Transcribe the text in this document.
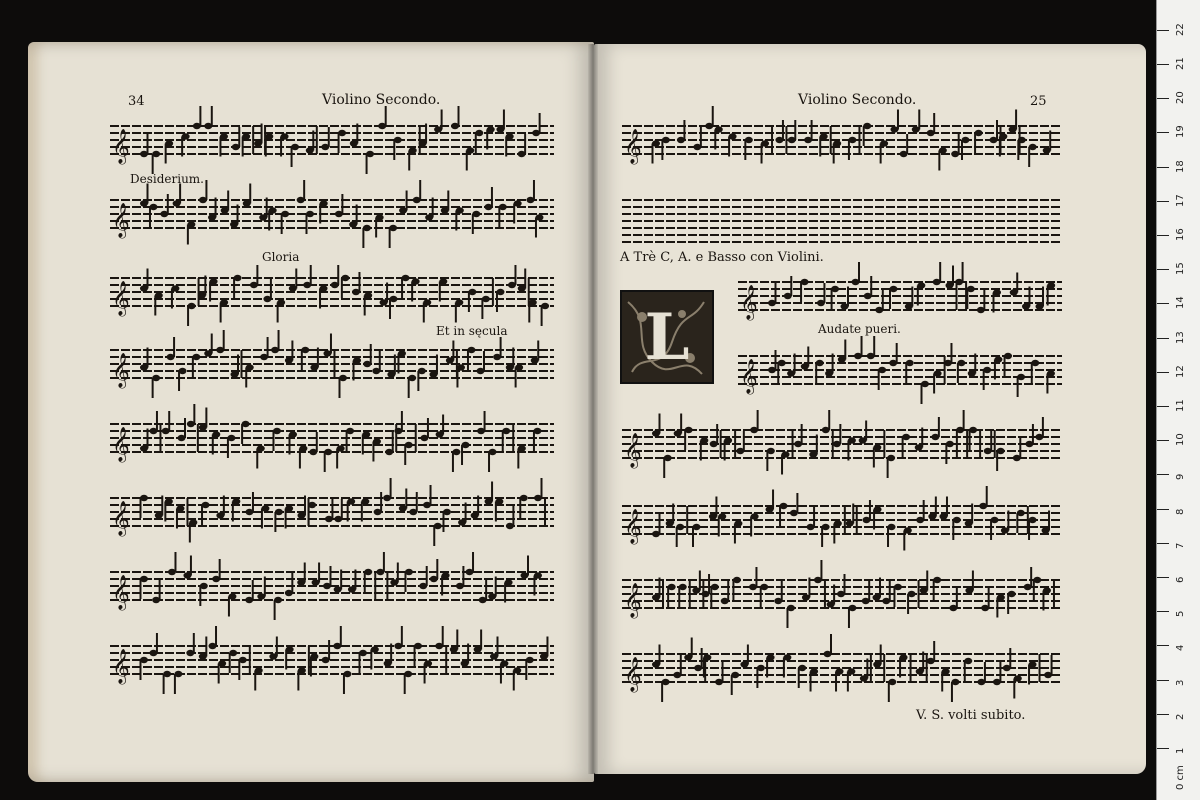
34	Violino Secondo.
Desiderium.
Gloria
Et in sęcula
Violino Secondo.	25
A Trè C, A. e Basso con Violini.
Audate pueri.
V. S. volti subito.
L
𝄞
𝄞
𝄞
𝄞
𝄞
𝄞
𝄞
𝄞
𝄞
𝄞
𝄞
𝄞
𝄞
𝄞
𝄞
0 cm
1
2
3
4
5
6
7
8
9
10
11
12
13
14
15
16
17
18
19
20
21
22
